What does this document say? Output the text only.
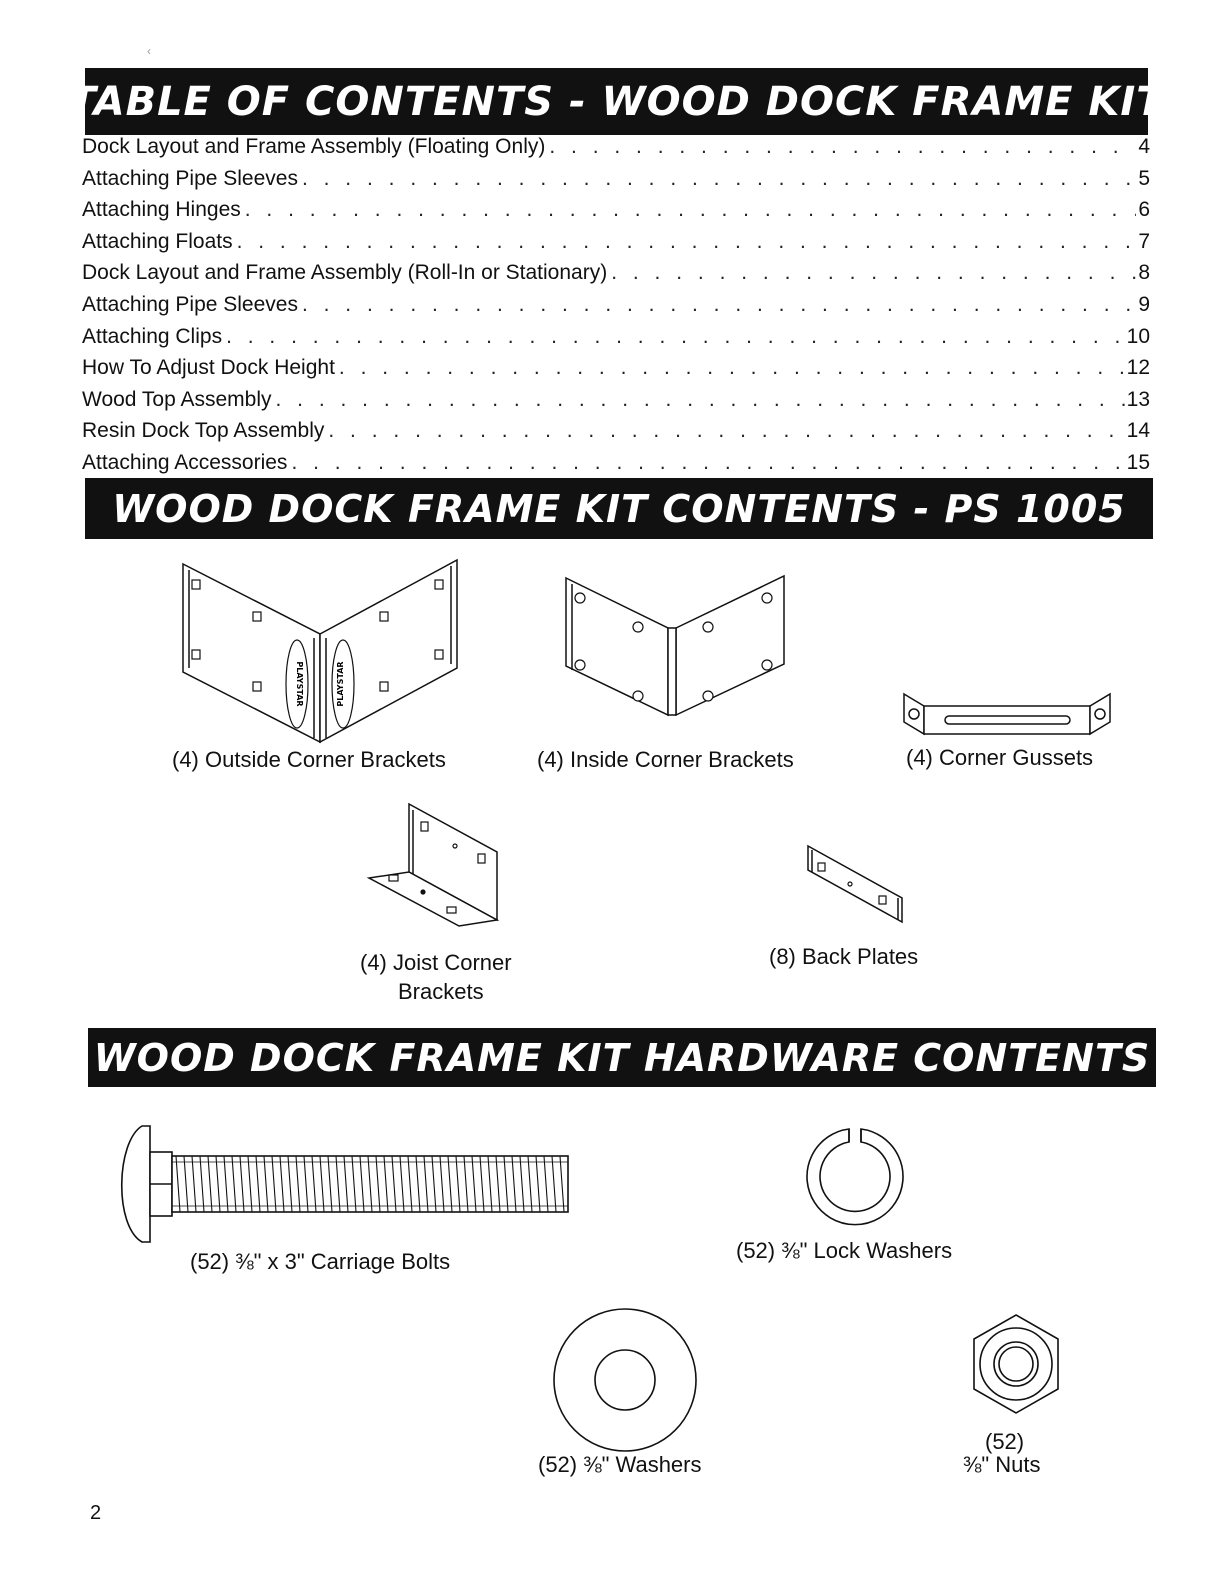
‹
TABLE OF CONTENTS - WOOD DOCK FRAME KIT
Dock Layout and Frame Assembly (Floating Only) . . .	4
Attaching Pipe Sleeves . . .	5
Attaching Hinges . . .	6
Attaching Floats . . .	7
Dock Layout and Frame Assembly (Roll-In or Stationary) . . .	8
Attaching Pipe Sleeves . . .	9
Attaching Clips . . .	10
How To Adjust Dock Height . . .	12
Wood Top Assembly . . .	13
Resin Dock Top Assembly . . .	14
Attaching Accessories . . .	15
WOOD DOCK FRAME KIT CONTENTS - PS 1005
PLAYSTAR	PLAYSTAR
(4) Outside Corner Brackets	(4) Inside Corner Brackets	(4) Corner Gussets
(4) Joist Corner
Brackets
(8) Back Plates
WOOD DOCK FRAME KIT HARDWARE CONTENTS
(52) ⅜" x 3" Carriage Bolts	(52) ⅜" Lock Washers
(52) ⅜" Washers
(52)
⅜" Nuts
2
